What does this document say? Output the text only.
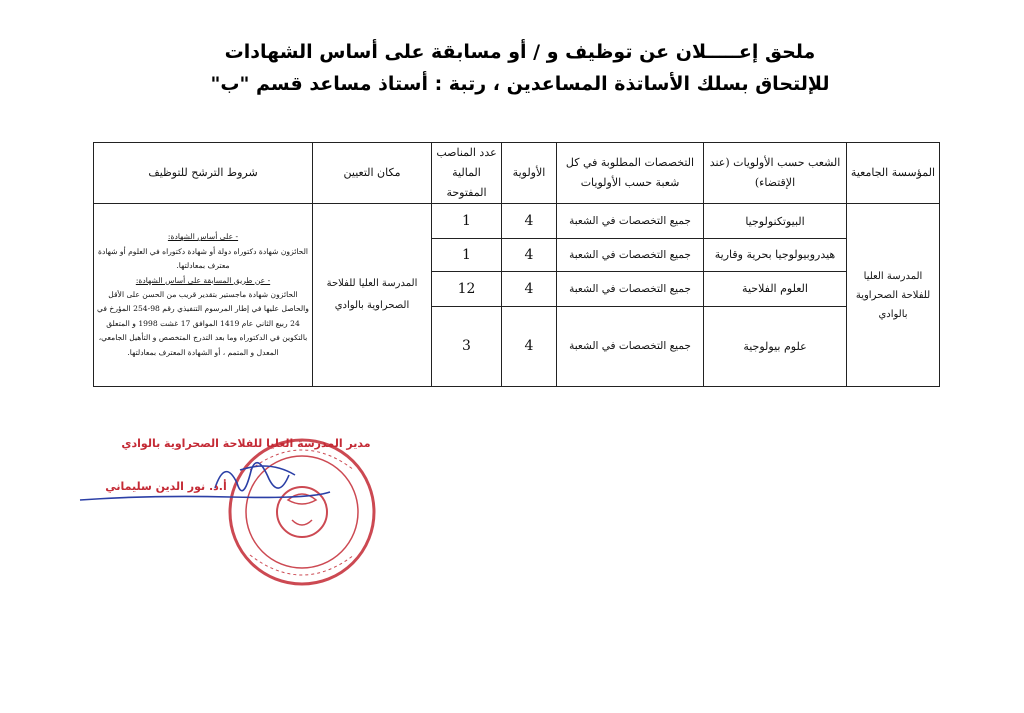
ملحق إعـــــلان عن توظيف و / أو مسابقة على أساس الشهادات
للإلتحاق بسلك الأساتذة المساعدين ، رتبة : أستاذ مساعد قسم "ب"
المؤسسة الجامعية	الشعب حسب الأولويات (عند الإقتضاء)	التخصصات المطلوبة في كل شعبة حسب الأولويات	الأولوية	عدد المناصب المالية المفتوحة	مكان التعيين	شروط الترشح للتوظيف
المدرسة العليا للفلاحة الصحراوية بالوادي	البيوتكنولوجيا	جميع التخصصات في الشعبة	4	1	المدرسة العليا للفلاحة الصحراوية بالوادي	- على أساس الشهادة:
الحائزون شهادة دكتوراه دولة أو شهادة دكتوراه في العلوم أو شهادة معترف بمعادلتها.
- عن طريق المسابقة على أساس الشهادة:
الحائزون شهادة ماجستير بتقدير قريب من الحسن على الأقل والحاصل عليها في إطار المرسوم التنفيذي رقم 98-254 المؤرخ في 24 ربيع الثاني عام 1419 الموافق 17 غشت 1998 و المتعلق بالتكوين في الدكتوراه وما بعد التدرج المتخصص و التأهيل الجامعي، المعدل و المتمم ، أو الشهادة المعترف بمعادلتها.

	هيدروبيولوجيا بحرية وقارية	جميع التخصصات في الشعبة	4	1		
	العلوم الفلاحية	جميع التخصصات في الشعبة	4	12		
	علوم بيولوجية	جميع التخصصات في الشعبة	4	3		
مدير المدرسة العليا للفلاحة الصحراوية بالوادي
أ.د. نور الدين سليماني
